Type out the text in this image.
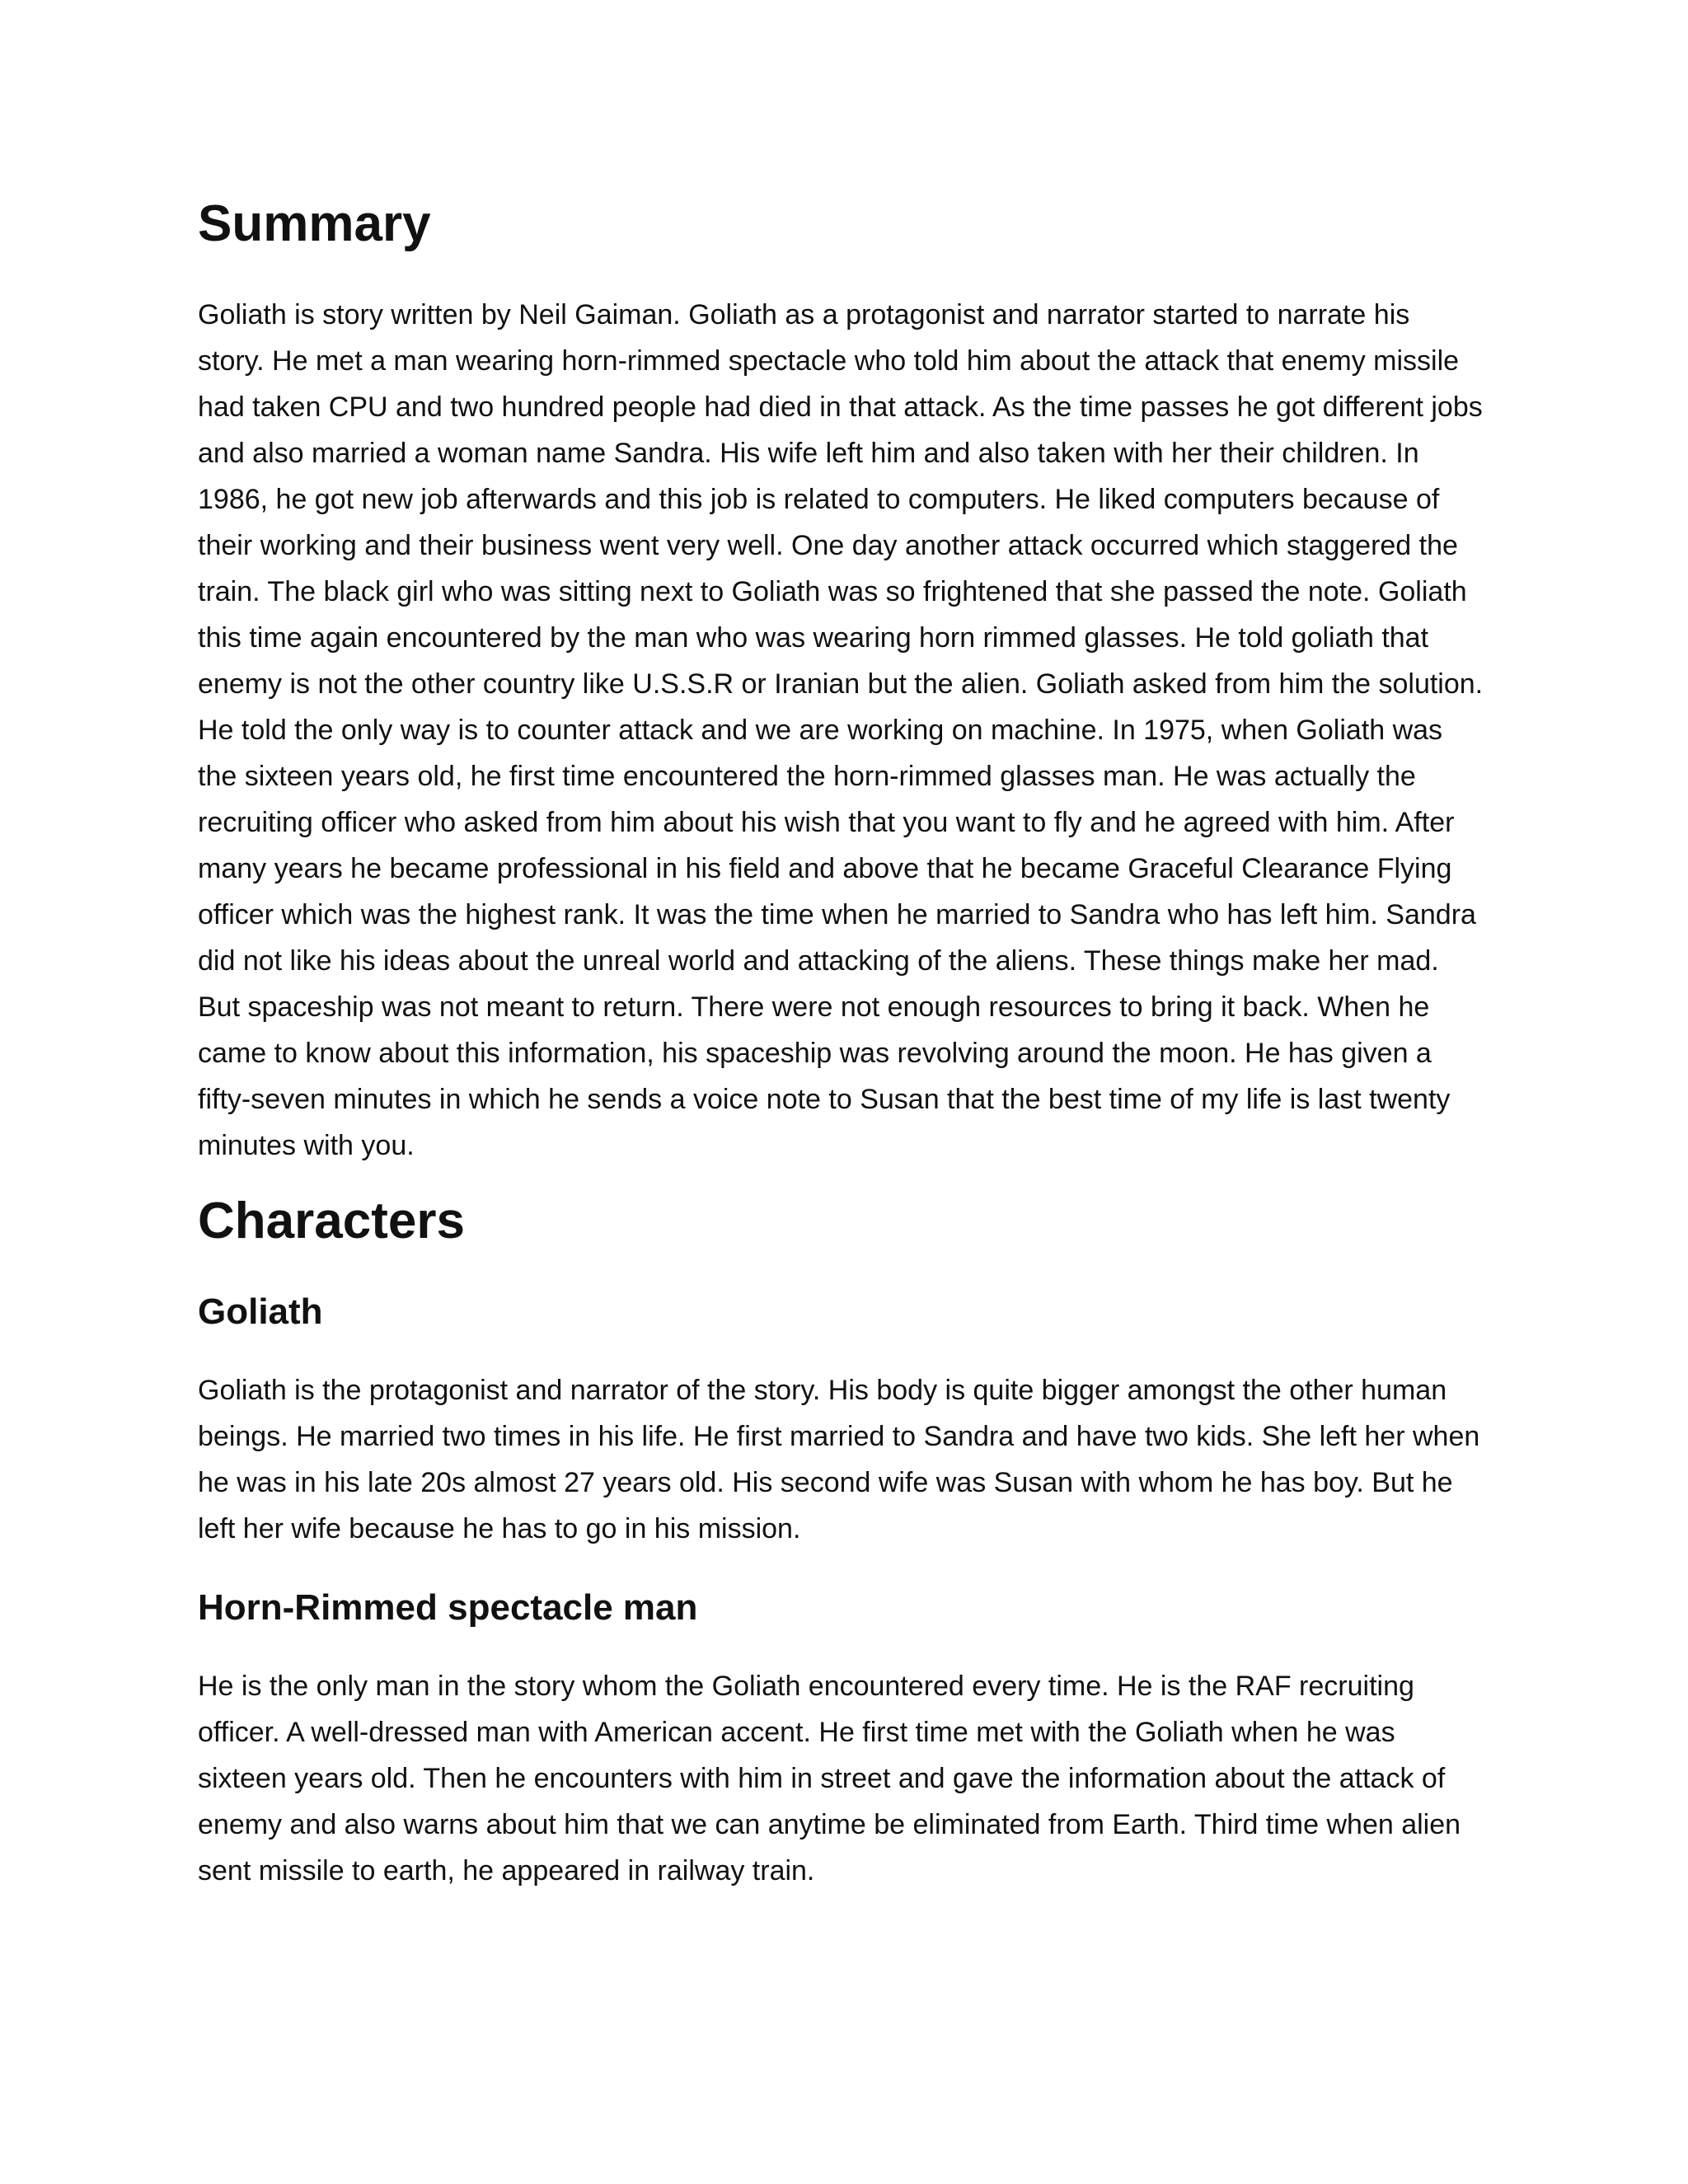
Summary

Goliath is story written by Neil Gaiman. Goliath as a protagonist and narrator started to narrate his story. He met a man wearing horn-rimmed spectacle who told him about the attack that enemy missile had taken CPU and two hundred people had died in that attack. As the time passes he got different jobs and also married a woman name Sandra. His wife left him and also taken with her their children. In 1986, he got new job afterwards and this job is related to computers. He liked computers because of their working and their business went very well. One day another attack occurred which staggered the train. The black girl who was sitting next to Goliath was so frightened that she passed the note. Goliath this time again encountered by the man who was wearing horn rimmed glasses. He told goliath that enemy is not the other country like U.S.S.R or Iranian but the alien. Goliath asked from him the solution. He told the only way is to counter attack and we are working on machine. In 1975, when Goliath was the sixteen years old, he first time encountered the horn-rimmed glasses man. He was actually the recruiting officer who asked from him about his wish that you want to fly and he agreed with him. After many years he became professional in his field and above that he became Graceful Clearance Flying officer which was the highest rank. It was the time when he married to Sandra who has left him. Sandra did not like his ideas about the unreal world and attacking of the aliens. These things make her mad. But spaceship was not meant to return. There were not enough resources to bring it back. When he came to know about this information, his spaceship was revolving around the moon. He has given a fifty-seven minutes in which he sends a voice note to Susan that the best time of my life is last twenty minutes with you.

Characters
Goliath

Goliath is the protagonist and narrator of the story. His body is quite bigger amongst the other human beings. He married two times in his life. He first married to Sandra and have two kids. She left her when he was in his late 20s almost 27 years old. His second wife was Susan with whom he has boy. But he left her wife because he has to go in his mission.

Horn-Rimmed spectacle man

He is the only man in the story whom the Goliath encountered every time. He is the RAF recruiting officer. A well-dressed man with American accent. He first time met with the Goliath when he was sixteen years old. Then he encounters with him in street and gave the information about the attack of enemy and also warns about him that we can anytime be eliminated from Earth. Third time when alien sent missile to earth, he appeared in railway train.
